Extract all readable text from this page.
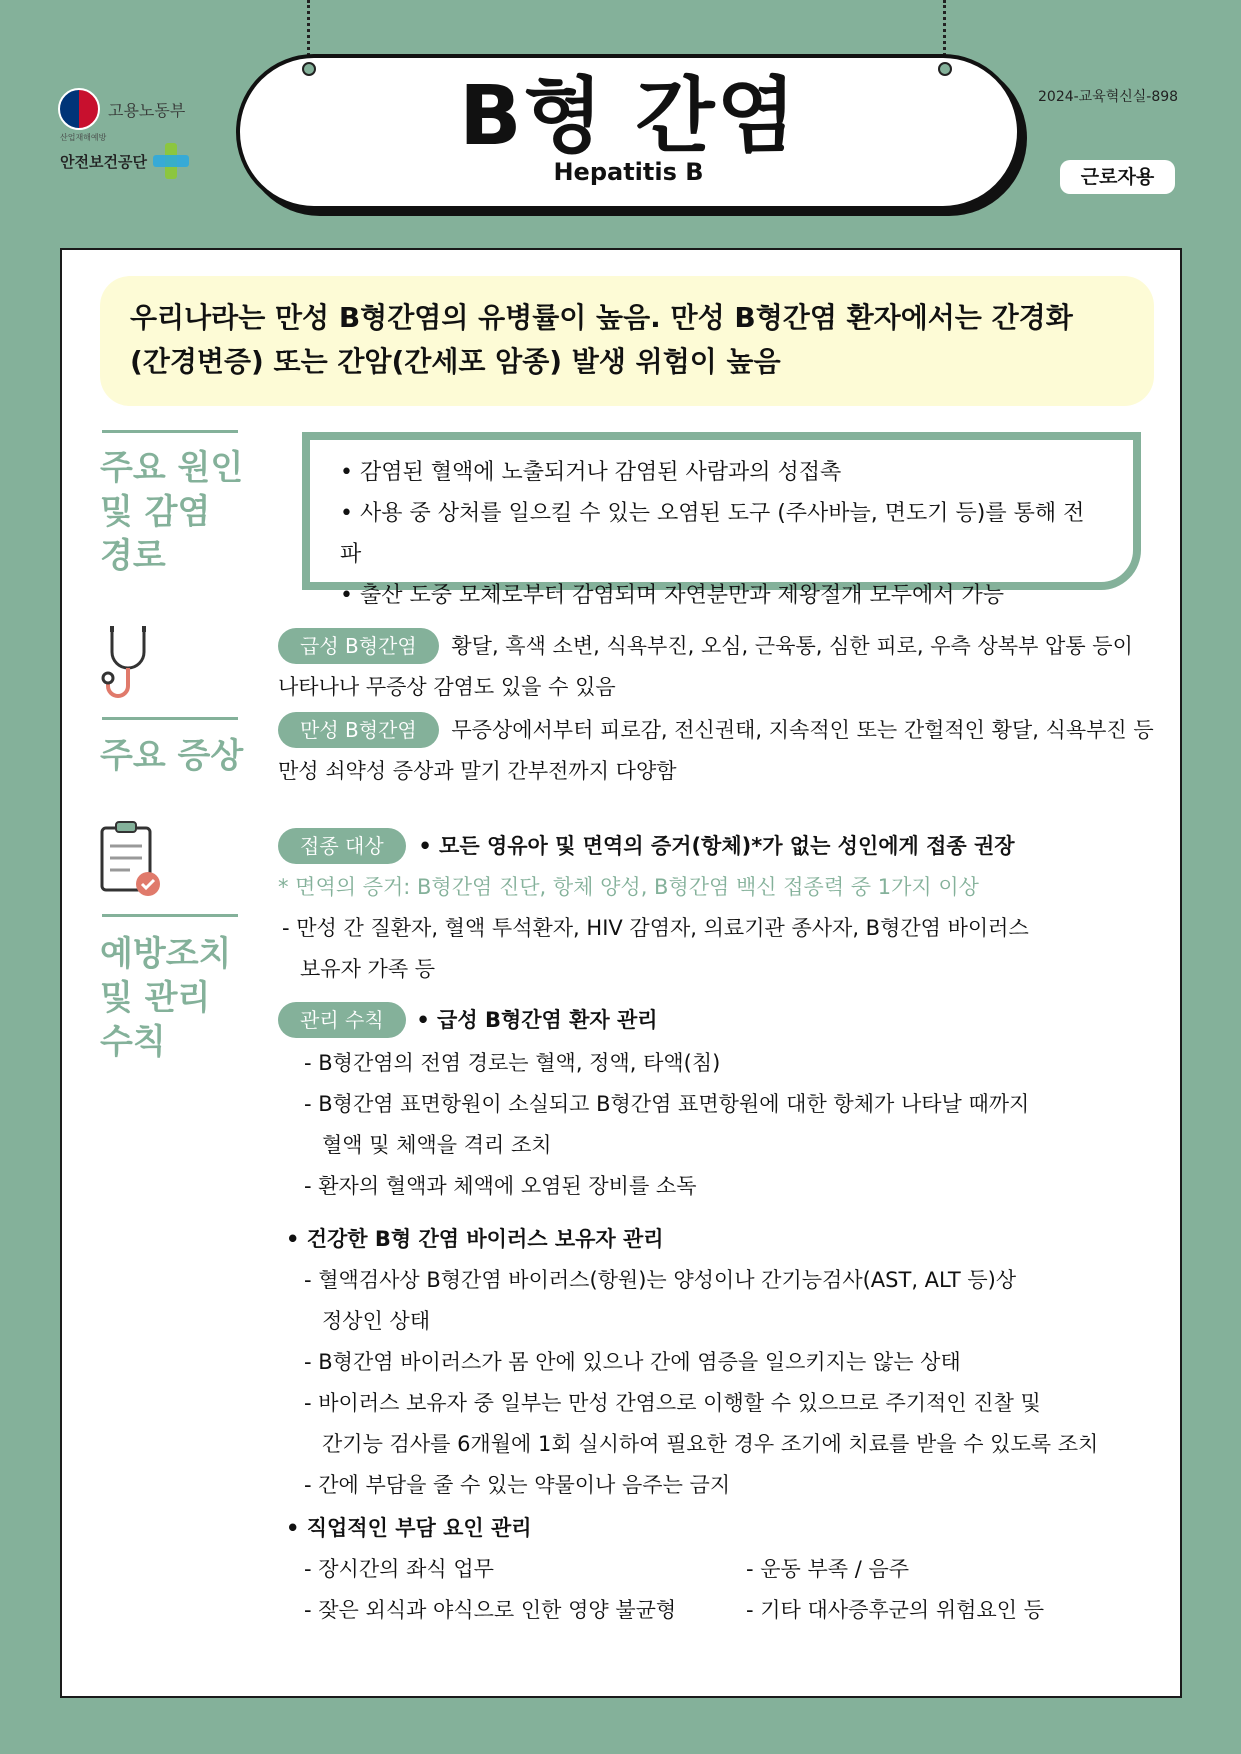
고용노동부
산업재해예방
안전보건공단	B형 간염
Hepatitis B
2024-교육혁신실-898
근로자용
우리나라는 만성 B형간염의 유병률이 높음. 만성 B형간염 환자에서는 간경화
(간경변증) 또는 간암(간세포 암종) 발생 위험이 높음
주요 원인
및 감염
경로
• 감염된 혈액에 노출되거나 감염된 사람과의 성접촉
• 사용 중 상처를 일으킬 수 있는 오염된 도구 (주사바늘, 면도기 등)를 통해 전파
• 출산 도중 모체로부터 감염되며 자연분만과 제왕절개 모두에서 가능
주요 증상
급성 B형간염 황달, 흑색 소변, 식욕부진, 오심, 근육통, 심한 피로, 우측 상복부 압통 등이
나타나나 무증상 감염도 있을 수 있음
만성 B형간염 무증상에서부터 피로감, 전신권태, 지속적인 또는 간헐적인 황달, 식욕부진 등
만성 쇠약성 증상과 말기 간부전까지 다양함
예방조치
및 관리
수칙
접종 대상 • 모든 영유아 및 면역의 증거(항체)*가 없는 성인에게 접종 권장
* 면역의 증거: B형간염 진단, 항체 양성, B형간염 백신 접종력 중 1가지 이상
- 만성 간 질환자, 혈액 투석환자, HIV 감염자, 의료기관 종사자, B형간염 바이러스
보유자 가족 등
관리 수칙 • 급성 B형간염 환자 관리
- B형간염의 전염 경로는 혈액, 정액, 타액(침)
- B형간염 표면항원이 소실되고 B형간염 표면항원에 대한 항체가 나타날 때까지
혈액 및 체액을 격리 조치
- 환자의 혈액과 체액에 오염된 장비를 소독
• 건강한 B형 간염 바이러스 보유자 관리
- 혈액검사상 B형간염 바이러스(항원)는 양성이나 간기능검사(AST, ALT 등)상
정상인 상태
- B형간염 바이러스가 몸 안에 있으나 간에 염증을 일으키지는 않는 상태
- 바이러스 보유자 중 일부는 만성 간염으로 이행할 수 있으므로 주기적인 진찰 및
간기능 검사를 6개월에 1회 실시하여 필요한 경우 조기에 치료를 받을 수 있도록 조치
- 간에 부담을 줄 수 있는 약물이나 음주는 금지
• 직업적인 부담 요인 관리
- 장시간의 좌식 업무	- 운동 부족 / 음주
- 잦은 외식과 야식으로 인한 영양 불균형	- 기타 대사증후군의 위험요인 등
